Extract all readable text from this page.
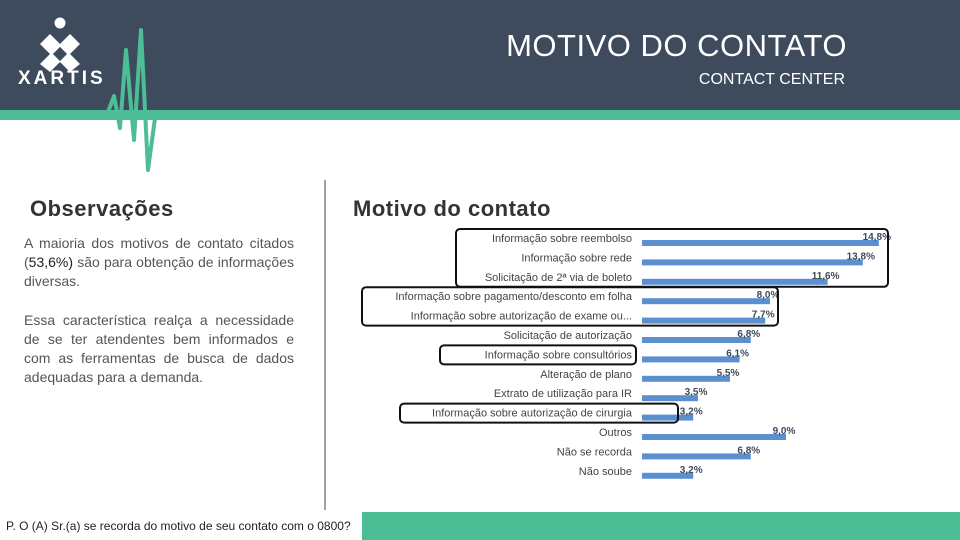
XARTIS
MOTIVO DO CONTATO
CONTACT CENTER
Observações

A maioria dos motivos de contato citados (53,6%) são para obtenção de informações diversas.

Essa característica realça a necessidade de se ter atendentes bem informados e com as ferramentas de busca de dados adequadas para a demanda.

Motivo do contato
Informação sobre reembolso	14,8%
Informação sobre rede	13,8%
Solicitação de 2ª via de boleto	11,6%
Informação sobre pagamento/desconto em folha	8,0%
Informação sobre autorização de exame ou...	7,7%
Solicitação de autorização	6,8%
Informação sobre consultórios	6,1%
Alteração de plano	5,5%
Extrato de utilização para IR	3,5%
Informação sobre autorização de cirurgia	3,2%
Outros	9,0%
Não se recorda	6,8%
Não soube	3,2%
P. O (A) Sr.(a) se recorda do motivo de seu contato com o 0800?
